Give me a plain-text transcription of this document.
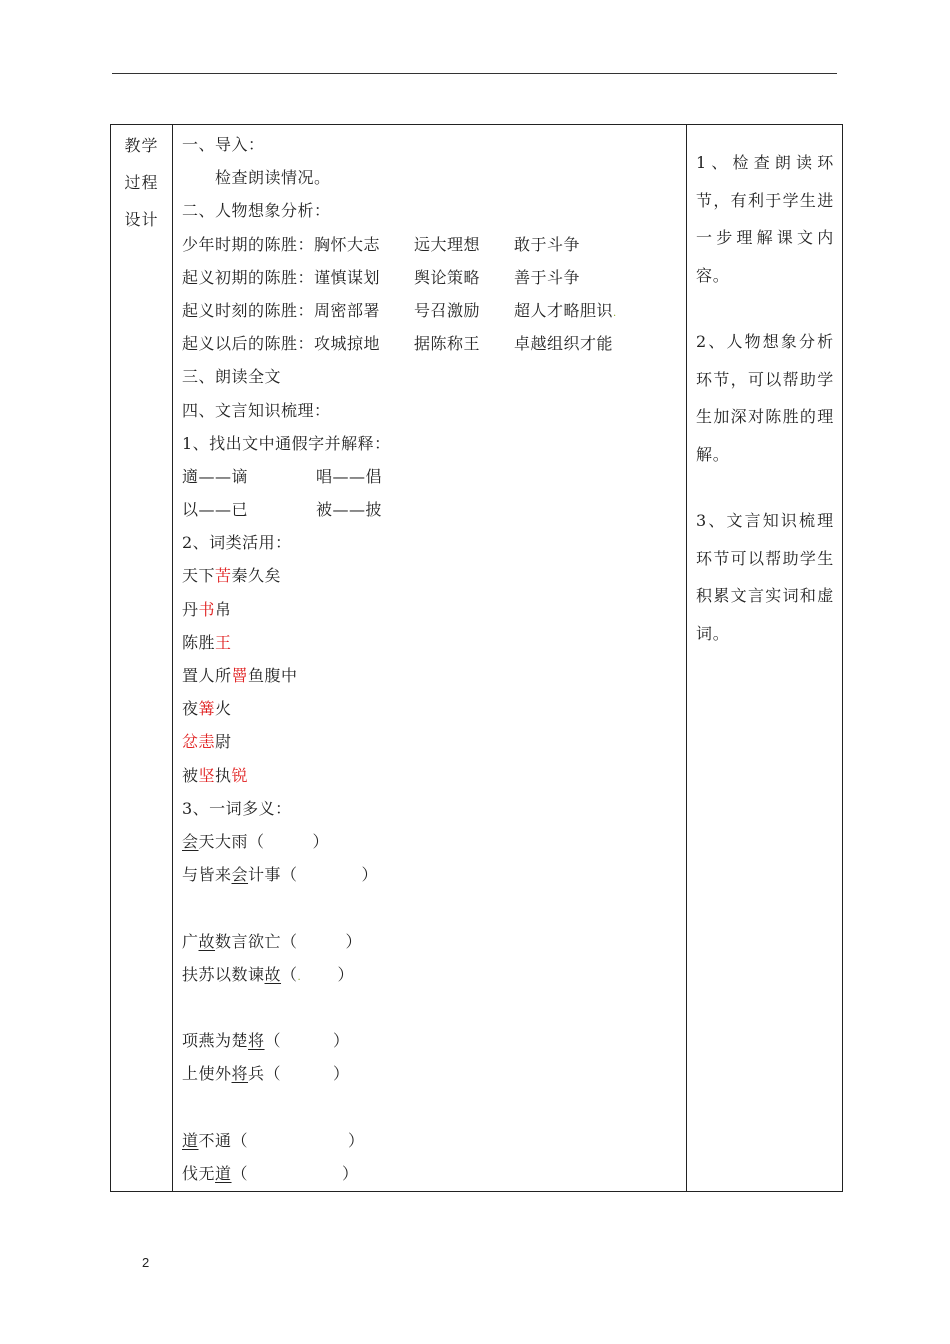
教学
过程
设计

一、导入：
检查朗读情况。
二、人物想象分析：
少年时期的陈胜：胸怀大志 远大理想 敢于斗争
起义初期的陈胜：谨慎谋划 舆论策略 善于斗争
起义时刻的陈胜：周密部署 号召激励 超人才略胆识.
起义以后的陈胜：攻城掠地 据陈称王 卓越组织才能
三、朗读全文
四、文言知识梳理：
1、找出文中通假字并解释：
適——谪	唱——倡
以——已	被——披
2、词类活用：
天下苦秦久矣
丹书帛
陈胜王
置人所罾鱼腹中
夜篝火
忿恚尉
被坚执锐
3、一词多义：
会天大雨（	）
与皆来会计事（	）
广故数言欲亡（	）
扶苏以数谏故（. ）
项燕为楚将（	）
上使外将兵（	）
道不通（	）
伐无道（	）

1、检查朗读环节，有利于学生进一步理解课文内容。

2、人物想象分析环节，可以帮助学生加深对陈胜的理解。

3、文言知识梳理环节可以帮助学生积累文言实词和虚词。

2
